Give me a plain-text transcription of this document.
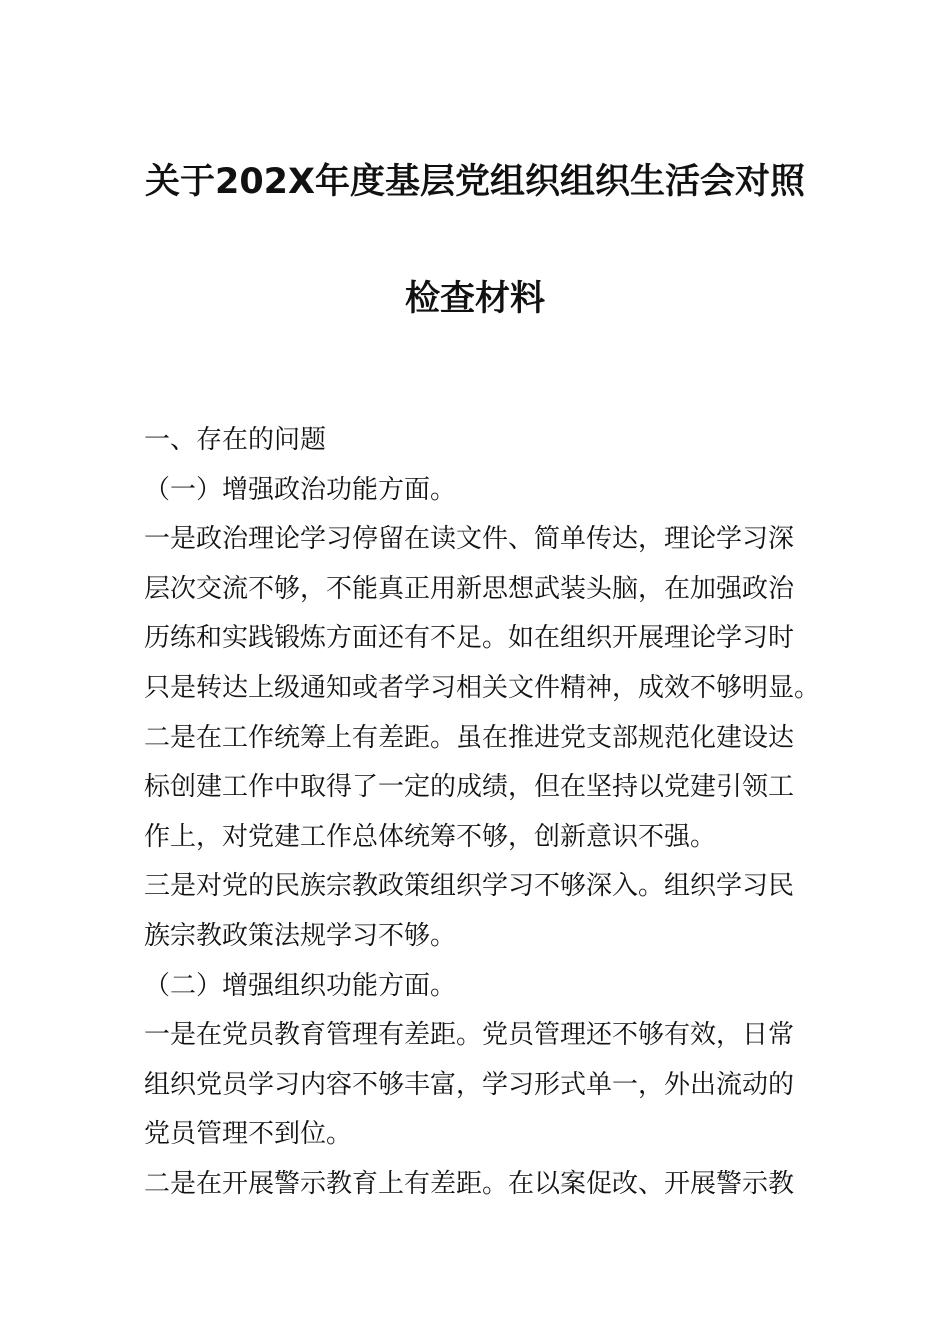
关于202X年度基层党组织组织生活会对照
检查材料
一、存在的问题
（一）增强政治功能方面。
一是政治理论学习停留在读文件、简单传达，理论学习深
层次交流不够，不能真正用新思想武装头脑，在加强政治
历练和实践锻炼方面还有不足。如在组织开展理论学习时
只是转达上级通知或者学习相关文件精神，成效不够明显。
二是在工作统筹上有差距。虽在推进党支部规范化建设达
标创建工作中取得了一定的成绩，但在坚持以党建引领工
作上，对党建工作总体统筹不够，创新意识不强。
三是对党的民族宗教政策组织学习不够深入。组织学习民
族宗教政策法规学习不够。
（二）增强组织功能方面。
一是在党员教育管理有差距。党员管理还不够有效，日常
组织党员学习内容不够丰富，学习形式单一，外出流动的
党员管理不到位。
二是在开展警示教育上有差距。在以案促改、开展警示教
